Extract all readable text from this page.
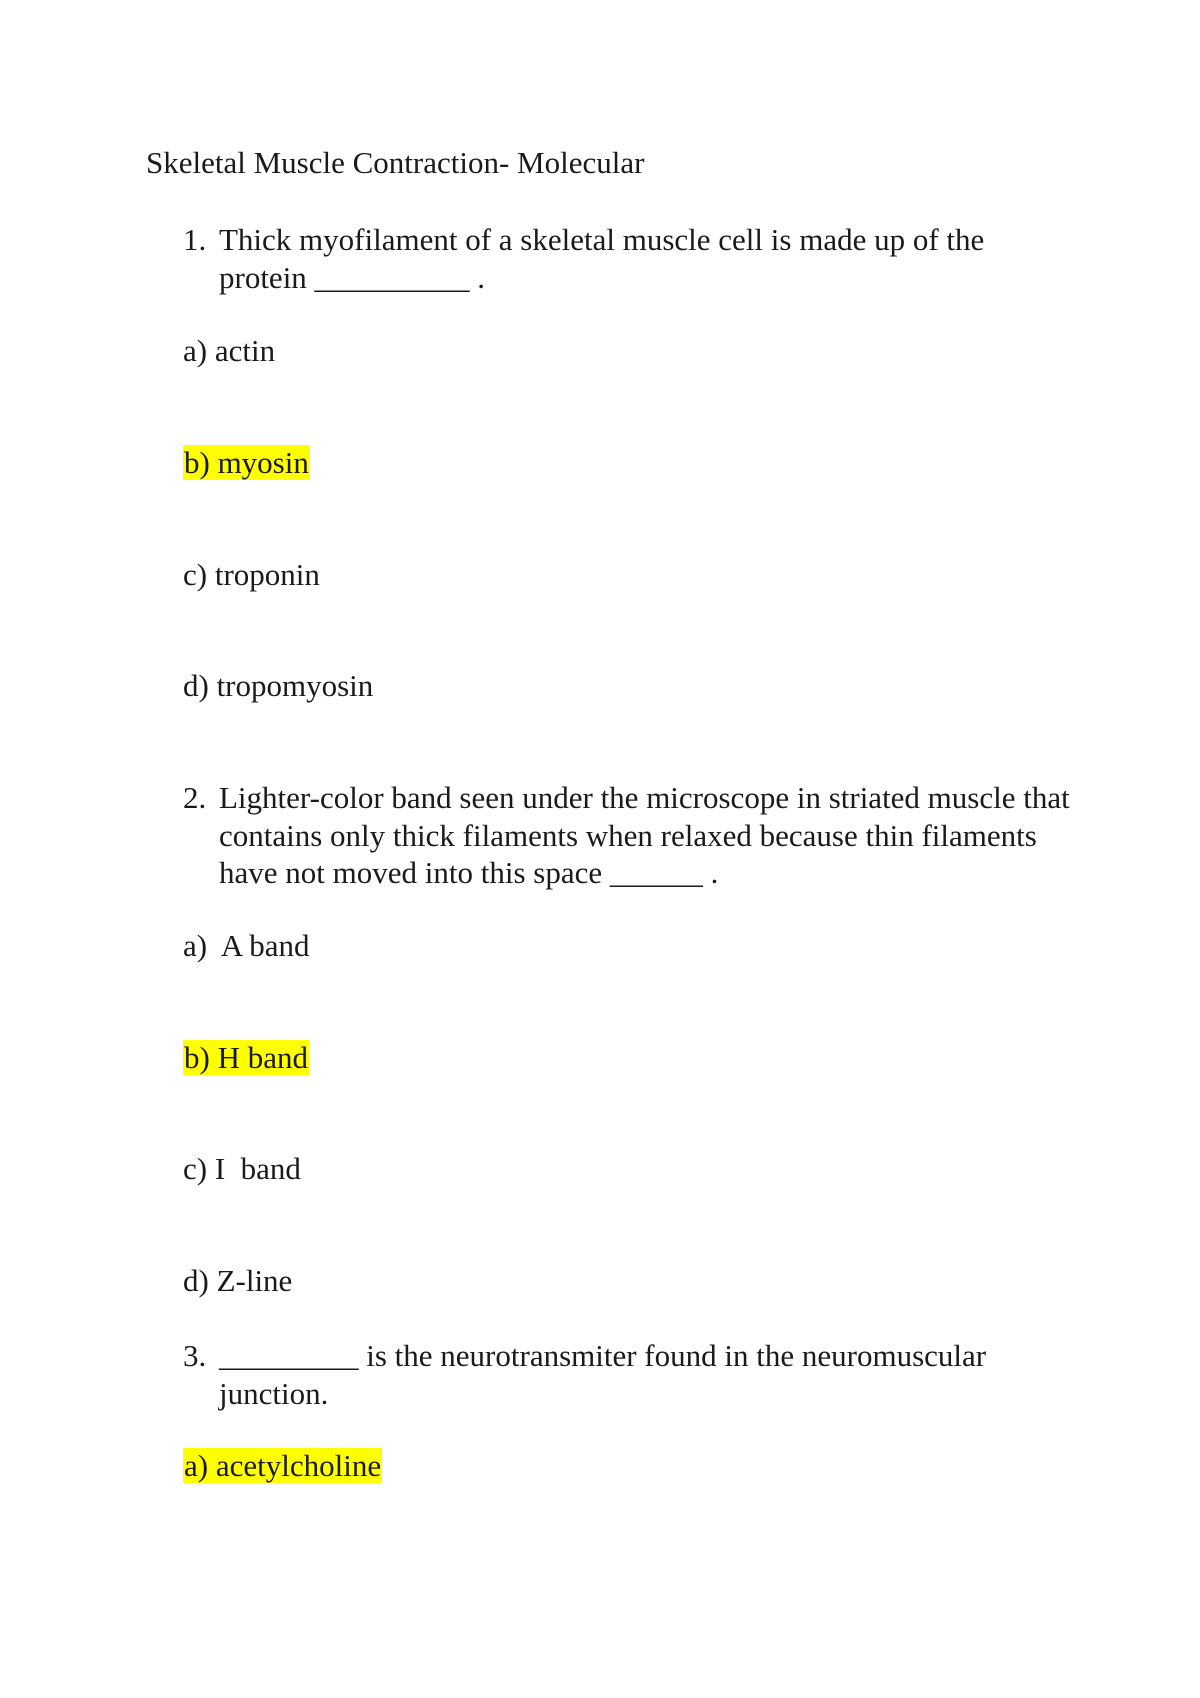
Skeletal Muscle Contraction- Molecular
1. Thick myofilament of a skeletal muscle cell is made up of the protein __________ .
a) actin
b) myosin
c) troponin
d) tropomyosin
2. Lighter-color band seen under the microscope in striated muscle that contains only thick filaments when relaxed because thin filaments have not moved into this space ______ .
a)  A band
b) H band
c) I  band
d) Z-line
3. _________ is the neurotransmiter found in the neuromuscular junction.
a) acetylcholine
